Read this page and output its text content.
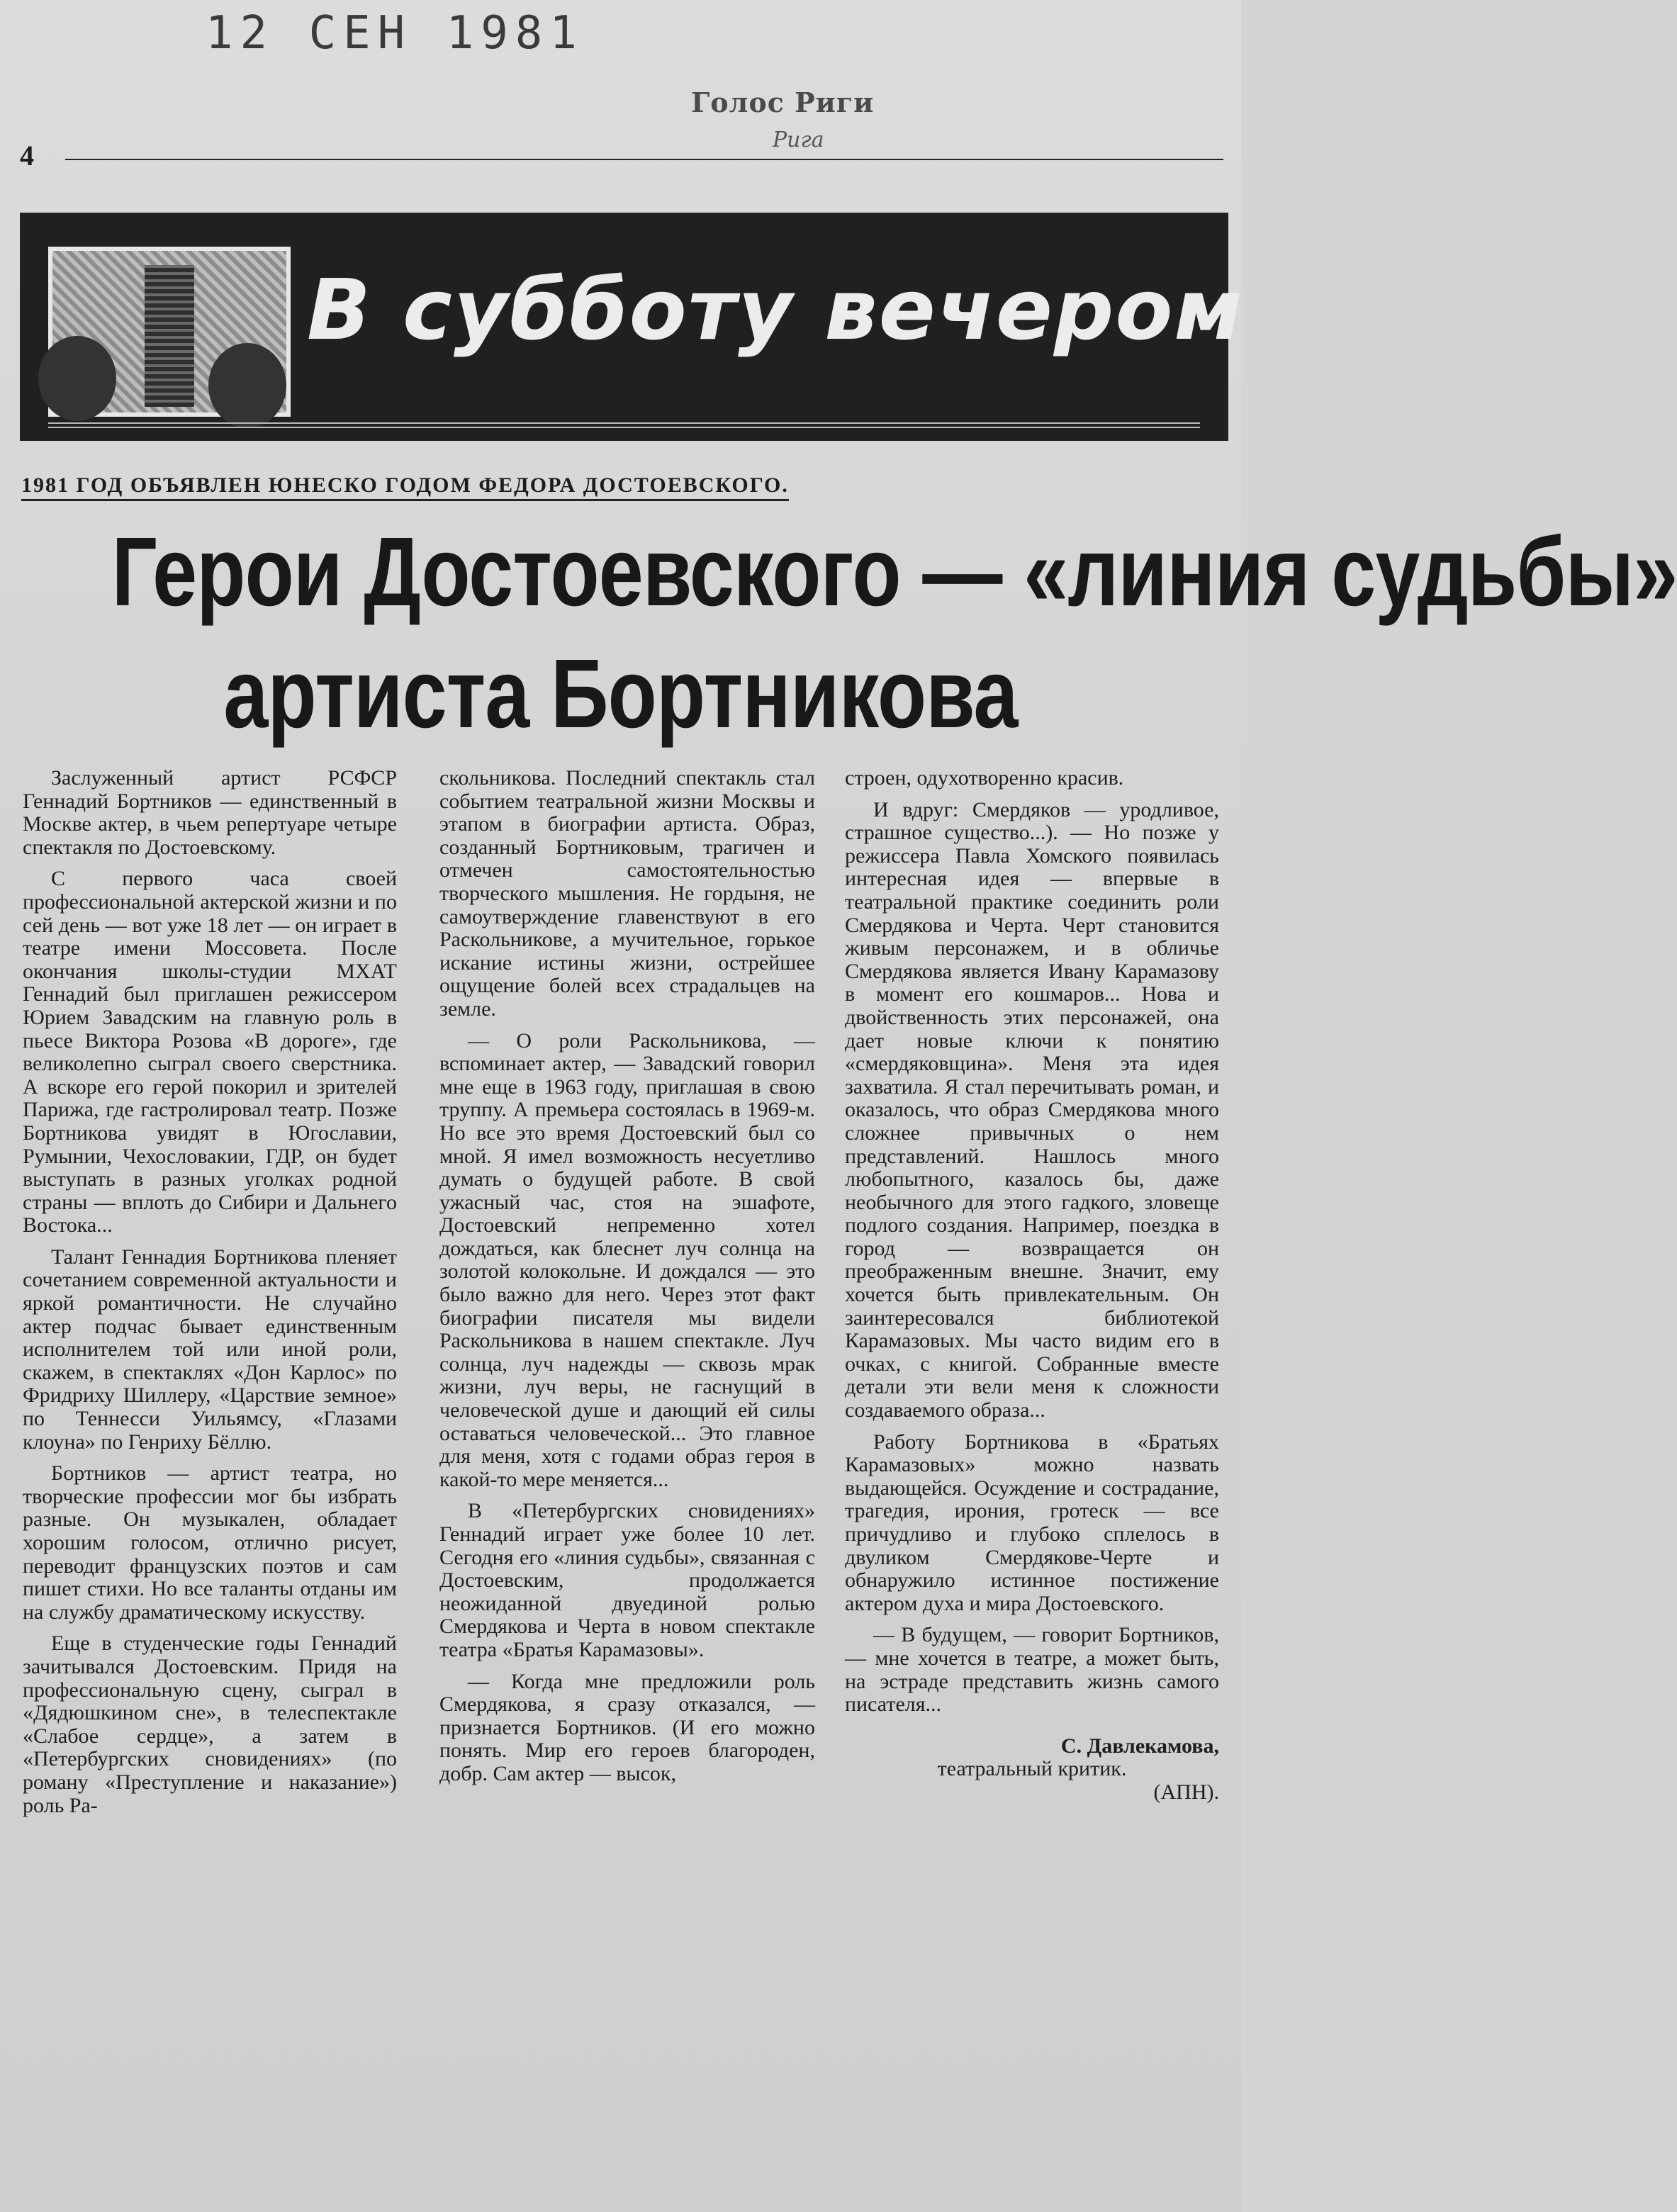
12 СЕН 1981
Голос Риги
Рига
4
В субботу вечером
1981 ГОД ОБЪЯВЛЕН ЮНЕСКО ГОДОМ ФЕДОРА ДОСТОЕВСКОГО.
Герои Достоевского — «линия судьбы»
артиста Бортникова

Заслуженный артист РСФСР Геннадий Бортников — единственный в Москве актер, в чьем репертуаре четыре спектакля по Достоевскому.

С первого часа своей профессиональной актерской жизни и по сей день — вот уже 18 лет — он играет в театре имени Моссовета. После окончания школы-студии МХАТ Геннадий был приглашен режиссером Юрием Завадским на главную роль в пьесе Виктора Розова «В дороге», где великолепно сыграл своего сверстника. А вскоре его герой покорил и зрителей Парижа, где гастролировал театр. Позже Бортникова увидят в Югославии, Румынии, Чехословакии, ГДР, он будет выступать в разных уголках родной страны — вплоть до Сибири и Дальнего Востока...

Талант Геннадия Бортникова пленяет сочетанием современной актуальности и яркой романтичности. Не случайно актер подчас бывает единственным исполнителем той или иной роли, скажем, в спектаклях «Дон Карлос» по Фридриху Шиллеру, «Царствие земное» по Теннесси Уильямсу, «Глазами клоуна» по Генриху Бёллю.

Бортников — артист театра, но творческие профессии мог бы избрать разные. Он музыкален, обладает хорошим голосом, отлично рисует, переводит французских поэтов и сам пишет стихи. Но все таланты отданы им на службу драматическому искусству.

Еще в студенческие годы Геннадий зачитывался Достоевским. Придя на профессиональную сцену, сыграл в «Дядюшкином сне», в телеспектакле «Слабое сердце», а затем в «Петербургских сновидениях» (по роману «Преступление и наказание») роль Ра-

скольникова. Последний спектакль стал событием театральной жизни Москвы и этапом в биографии артиста. Образ, созданный Бортниковым, трагичен и отмечен самостоятельностью творческого мышления. Не гордыня, не самоутверждение главенствуют в его Раскольникове, а мучительное, горькое искание истины жизни, острейшее ощущение болей всех страдальцев на земле.

— О роли Раскольникова, — вспоминает актер, — Завадский говорил мне еще в 1963 году, приглашая в свою труппу. А премьера состоялась в 1969-м. Но все это время Достоевский был со мной. Я имел возможность несуетливо думать о будущей работе. В свой ужасный час, стоя на эшафоте, Достоевский непременно хотел дождаться, как блеснет луч солнца на золотой колокольне. И дождался — это было важно для него. Через этот факт биографии писателя мы видели Раскольникова в нашем спектакле. Луч солнца, луч надежды — сквозь мрак жизни, луч веры, не гаснущий в человеческой душе и дающий ей силы оставаться человеческой... Это главное для меня, хотя с годами образ героя в какой-то мере меняется...

В «Петербургских сновидениях» Геннадий играет уже более 10 лет. Сегодня его «линия судьбы», связанная с Достоевским, продолжается неожиданной двуединой ролью Смердякова и Черта в новом спектакле театра «Братья Карамазовы».

— Когда мне предложили роль Смердякова, я сразу отказался, — признается Бортников. (И его можно понять. Мир его героев благороден, добр. Сам актер — высок,

строен, одухотворенно красив.

И вдруг: Смердяков — уродливое, страшное существо...). — Но позже у режиссера Павла Хомского появилась интересная идея — впервые в театральной практике соединить роли Смердякова и Черта. Черт становится живым персонажем, и в обличье Смердякова является Ивану Карамазову в момент его кошмаров... Нова и двойственность этих персонажей, она дает новые ключи к понятию «смердяковщина». Меня эта идея захватила. Я стал перечитывать роман, и оказалось, что образ Смердякова много сложнее привычных о нем представлений. Нашлось много любопытного, казалось бы, даже необычного для этого гадкого, зловеще подлого создания. Например, поездка в город — возвращается он преображенным внешне. Значит, ему хочется быть привлекательным. Он заинтересовался библиотекой Карамазовых. Мы часто видим его в очках, с книгой. Собранные вместе детали эти вели меня к сложности создаваемого образа...

Работу Бортникова в «Братьях Карамазовых» можно назвать выдающейся. Осуждение и сострадание, трагедия, ирония, гротеск — все причудливо и глубоко сплелось в двуликом Смердякове-Черте и обнаружило истинное постижение актером духа и мира Достоевского.

— В будущем, — говорит Бортников, — мне хочется в театре, а может быть, на эстраде представить жизнь самого писателя...

С. Давлекамова,

театральный критик.

(АПН).
